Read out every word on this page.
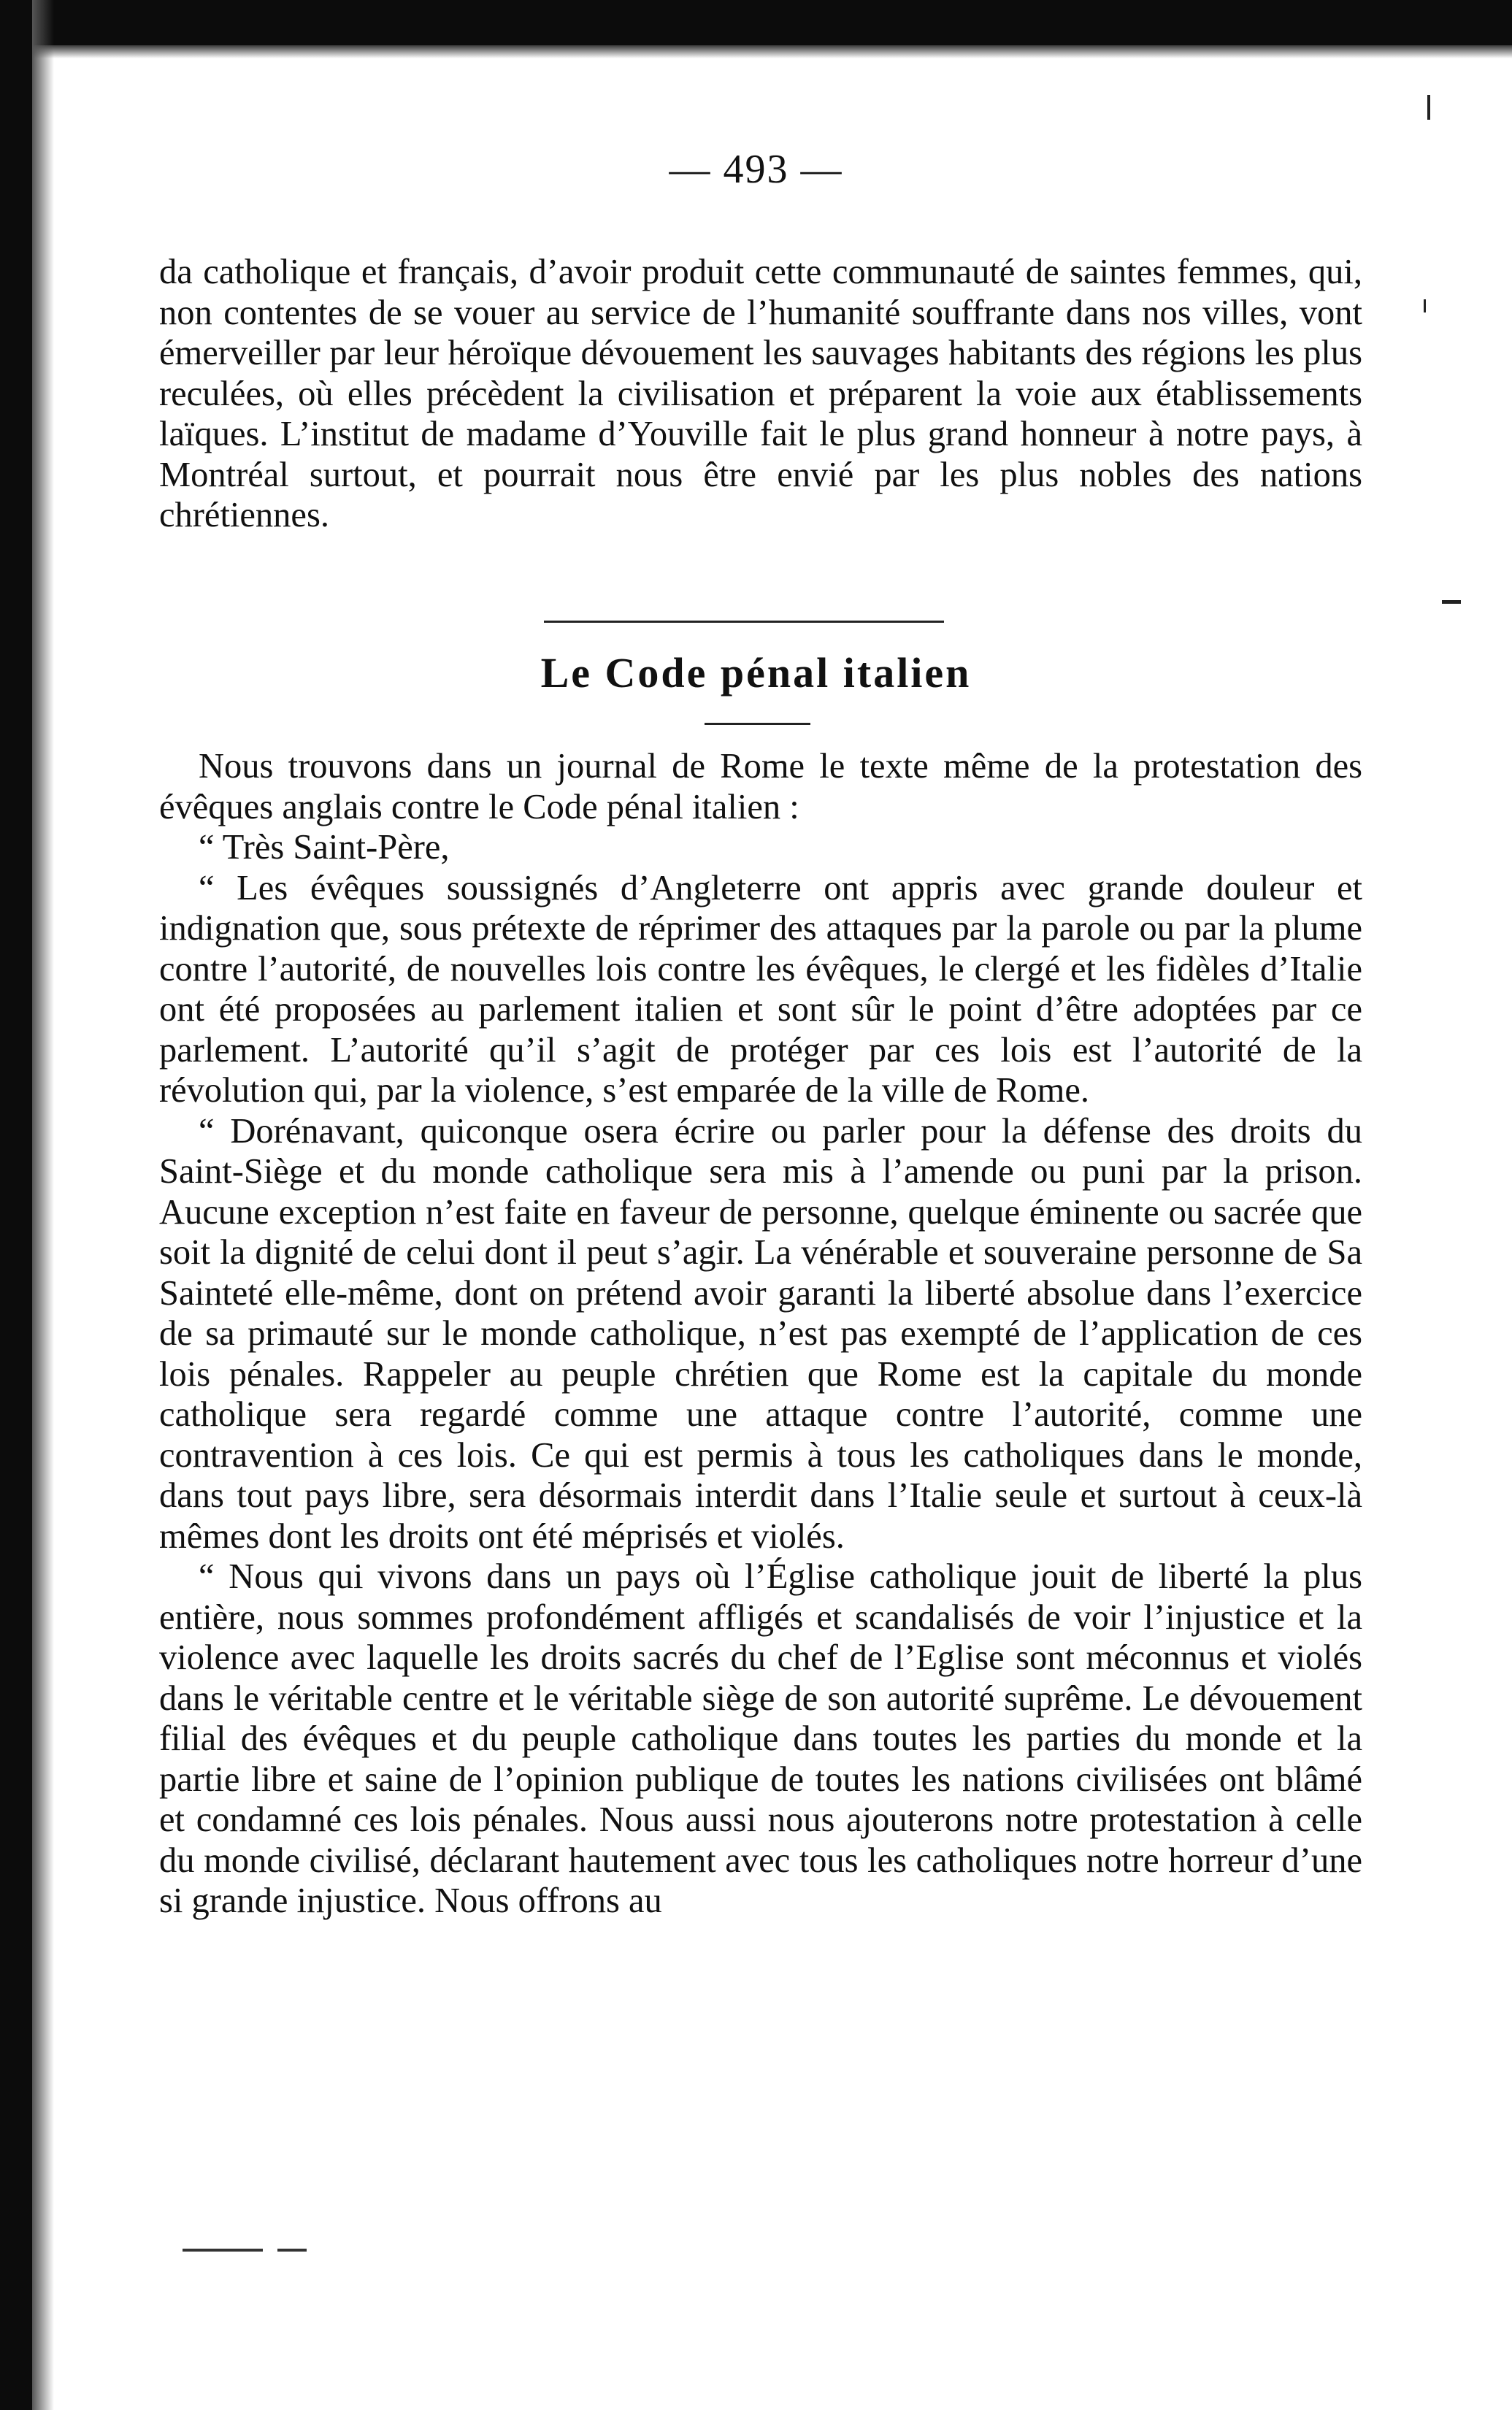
— 493 —

da catholique et français, d’avoir produit cette communauté de saintes femmes, qui, non contentes de se vouer au service de l’humanité souffrante dans nos villes, vont émerveiller par leur héroïque dévouement les sauvages habitants des régions les plus reculées, où elles précèdent la civilisation et préparent la voie aux établissements laïques. L’institut de madame d’Youville fait le plus grand honneur à notre pays, à Montréal surtout, et pourrait nous être envié par les plus nobles des nations chrétiennes.

Le Code pénal italien

Nous trouvons dans un journal de Rome le texte même de la protestation des évêques anglais contre le Code pénal italien :

“ Très Saint-Père,

“ Les évêques soussignés d’Angleterre ont appris avec grande douleur et indignation que, sous prétexte de réprimer des attaques par la parole ou par la plume contre l’autorité, de nouvelles lois contre les évêques, le clergé et les fidèles d’Italie ont été proposées au parlement italien et sont sûr le point d’être adoptées par ce parlement. L’autorité qu’il s’agit de protéger par ces lois est l’autorité de la révolution qui, par la violence, s’est emparée de la ville de Rome.

“ Dorénavant, quiconque osera écrire ou parler pour la défense des droits du Saint-Siège et du monde catholique sera mis à l’amende ou puni par la prison. Aucune exception n’est faite en faveur de personne, quelque éminente ou sacrée que soit la dignité de celui dont il peut s’agir. La vénérable et souveraine personne de Sa Sainteté elle-même, dont on prétend avoir garanti la liberté absolue dans l’exercice de sa primauté sur le monde catholique, n’est pas exempté de l’application de ces lois pénales. Rappeler au peuple chrétien que Rome est la capitale du monde catholique sera regardé comme une attaque contre l’autorité, comme une contravention à ces lois. Ce qui est permis à tous les catholiques dans le monde, dans tout pays libre, sera désormais interdit dans l’Italie seule et surtout à ceux-là mêmes dont les droits ont été méprisés et violés.

“ Nous qui vivons dans un pays où l’Église catholique jouit de liberté la plus entière, nous sommes profondément affligés et scandalisés de voir l’injustice et la violence avec laquelle les droits sacrés du chef de l’Eglise sont méconnus et violés dans le véritable centre et le véritable siège de son autorité suprême. Le dévouement filial des évêques et du peuple catholique dans toutes les parties du monde et la partie libre et saine de l’opinion publique de toutes les nations civilisées ont blâmé et condamné ces lois pénales. Nous aussi nous ajouterons notre protestation à celle du monde civilisé, déclarant hautement avec tous les catholiques notre horreur d’une si grande injustice. Nous offrons au
